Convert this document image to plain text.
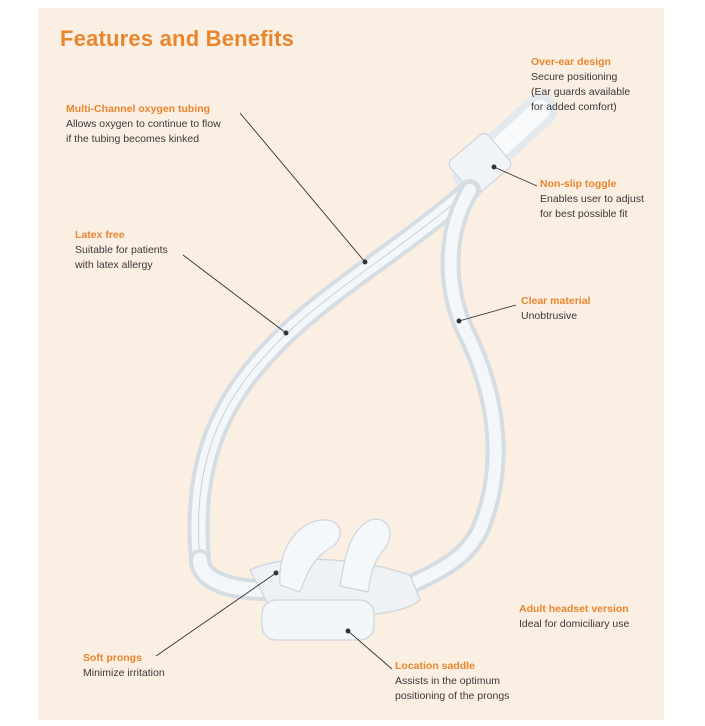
Features and Benefits
Over-ear design
Secure positioning
(Ear guards available
for added comfort)
Multi-Channel oxygen tubing
Allows oxygen to continue to flow
if the tubing becomes kinked
Non-slip toggle
Enables user to adjust
for best possible fit
Latex free
Suitable for patients
with latex allergy
Clear material
Unobtrusive
Adult headset version
Ideal for domiciliary use
Soft prongs
Minimize irritation
Location saddle
Assists in the optimum
positioning of the prongs
